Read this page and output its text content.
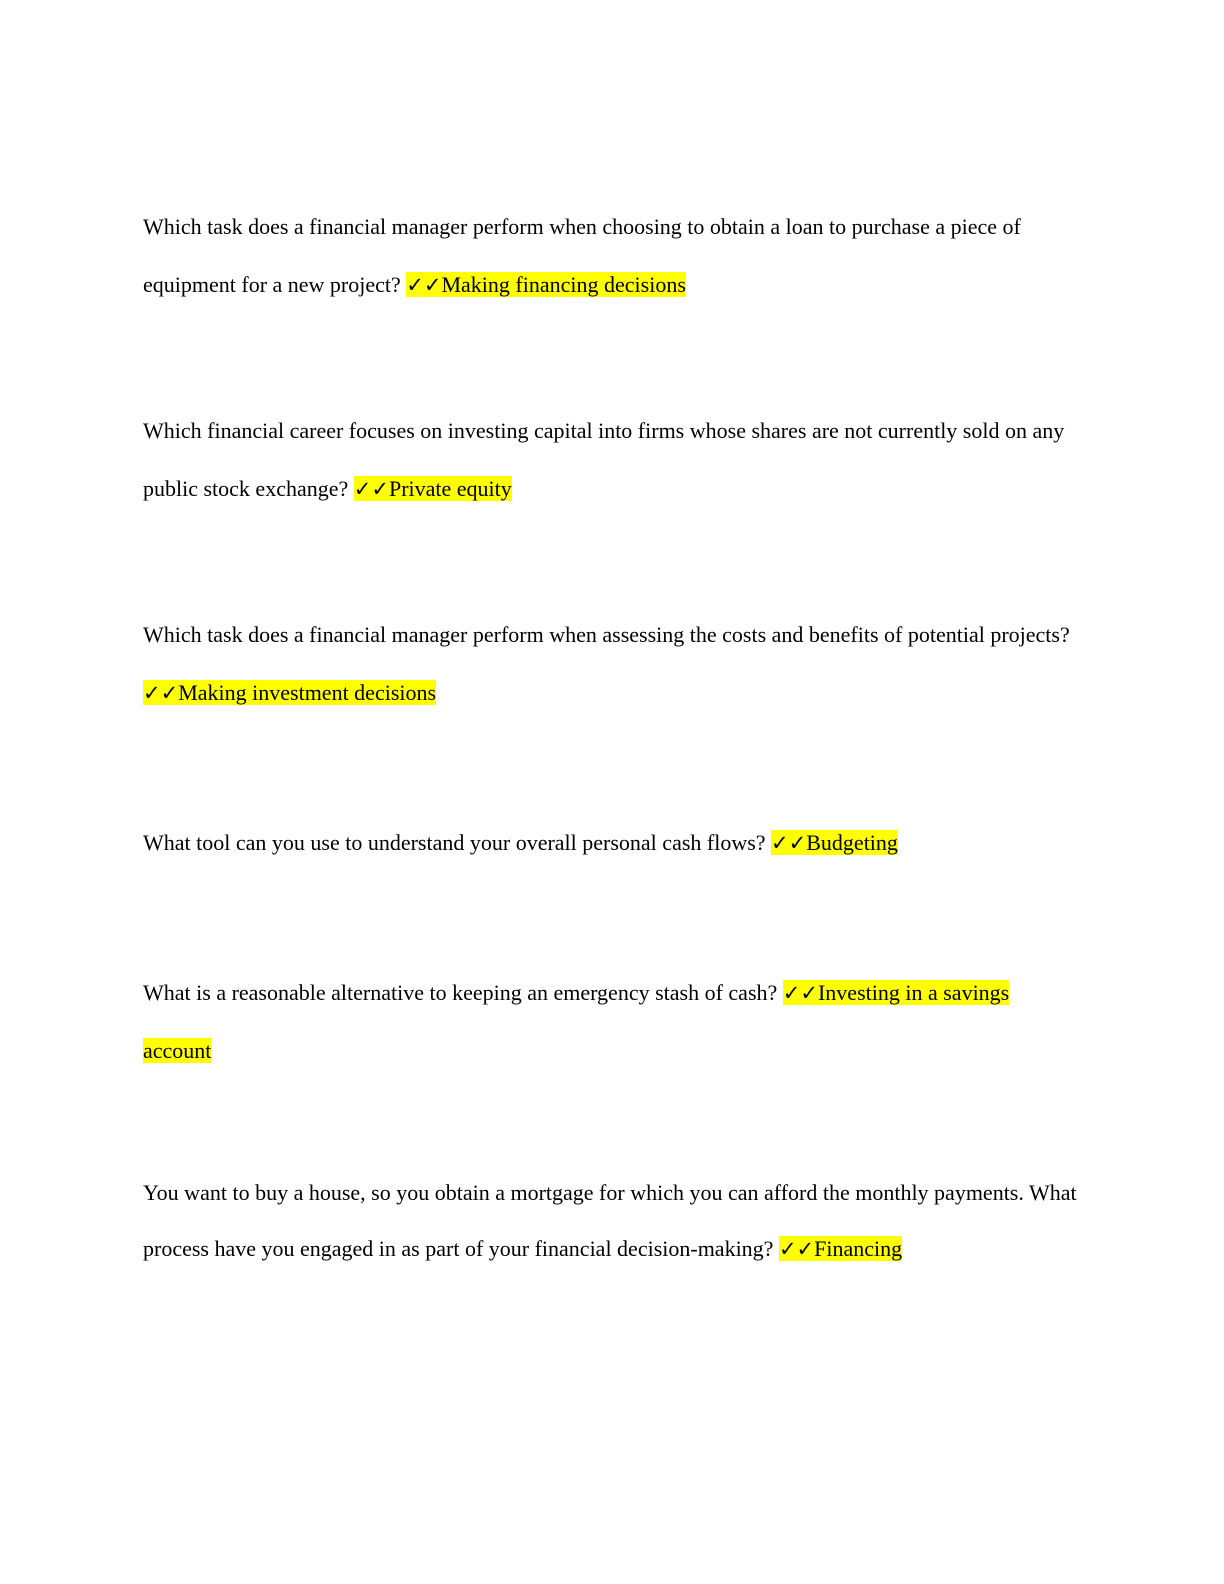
Which task does a financial manager perform when choosing to obtain a loan to purchase a piece of equipment for a new project? ✓✓Making financing decisions

Which financial career focuses on investing capital into firms whose shares are not currently sold on any public stock exchange? ✓✓Private equity

Which task does a financial manager perform when assessing the costs and benefits of potential projects? ✓✓Making investment decisions

What tool can you use to understand your overall personal cash flows? ✓✓Budgeting

What is a reasonable alternative to keeping an emergency stash of cash? ✓✓Investing in a savings account

You want to buy a house, so you obtain a mortgage for which you can afford the monthly payments. What process have you engaged in as part of your financial decision-making? ✓✓Financing
